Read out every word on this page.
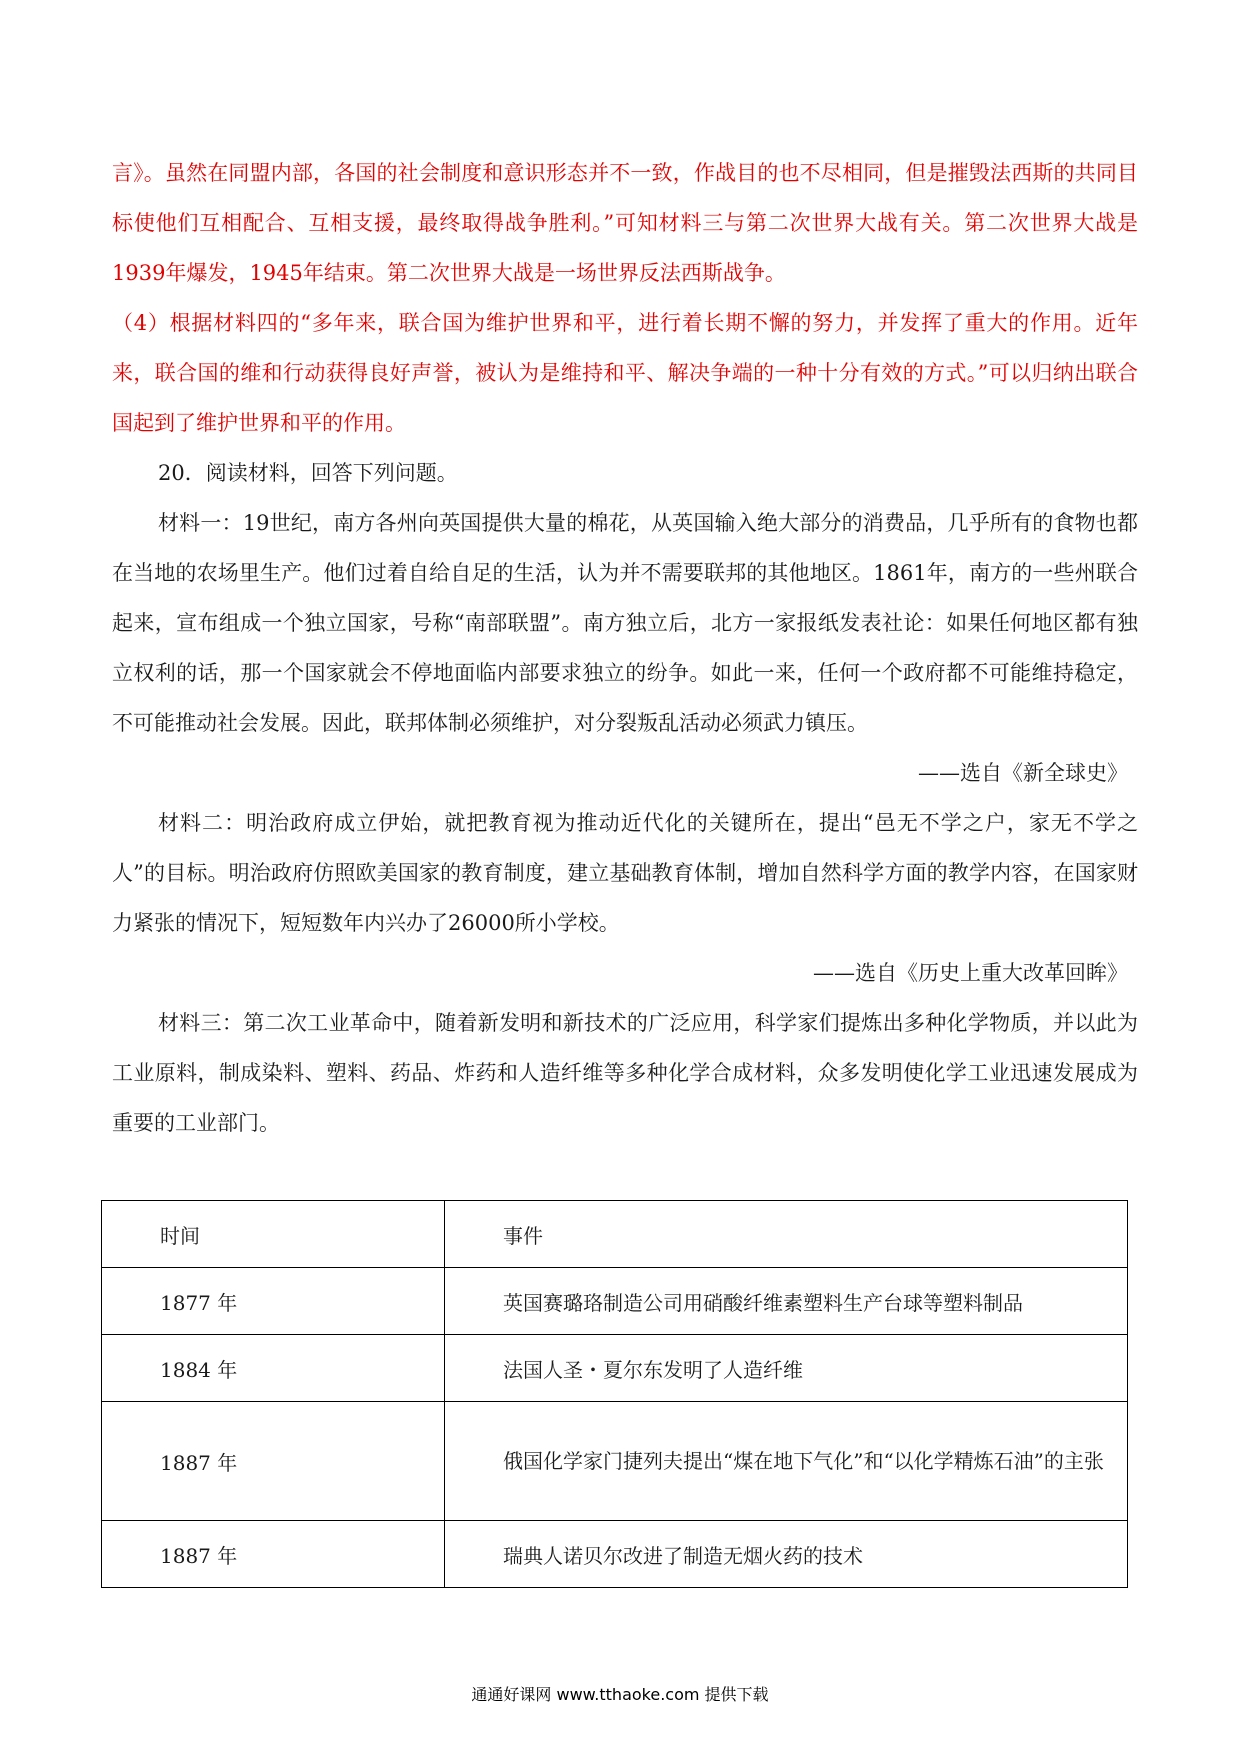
言》。虽然在同盟内部，各国的社会制度和意识形态并不一致，作战目的也不尽相同，但是摧毁法西斯的共同目标使他们互相配合、互相支援，最终取得战争胜利。”可知材料三与第二次世界大战有关。第二次世界大战是1939年爆发，1945年结束。第二次世界大战是一场世界反法西斯战争。

（4）根据材料四的“多年来，联合国为维护世界和平，进行着长期不懈的努力，并发挥了重大的作用。近年来，联合国的维和行动获得良好声誉，被认为是维持和平、解决争端的一种十分有效的方式。”可以归纳出联合国起到了维护世界和平的作用。

20．阅读材料，回答下列问题。

材料一：19世纪，南方各州向英国提供大量的棉花，从英国输入绝大部分的消费品，几乎所有的食物也都在当地的农场里生产。他们过着自给自足的生活，认为并不需要联邦的其他地区。1861年，南方的一些州联合起来，宣布组成一个独立国家，号称“南部联盟”。南方独立后，北方一家报纸发表社论：如果任何地区都有独立权利的话，那一个国家就会不停地面临内部要求独立的纷争。如此一来，任何一个政府都不可能维持稳定，不可能推动社会发展。因此，联邦体制必须维护，对分裂叛乱活动必须武力镇压。

——选自《新全球史》

材料二：明治政府成立伊始，就把教育视为推动近代化的关键所在，提出“邑无不学之户，家无不学之人”的目标。明治政府仿照欧美国家的教育制度，建立基础教育体制，增加自然科学方面的教学内容，在国家财力紧张的情况下，短短数年内兴办了26000所小学校。

——选自《历史上重大改革回眸》

材料三：第二次工业革命中，随着新发明和新技术的广泛应用，科学家们提炼出多种化学物质，并以此为工业原料，制成染料、塑料、药品、炸药和人造纤维等多种化学合成材料，众多发明使化学工业迅速发展成为重要的工业部门。

时间	事件
1877 年	英国赛璐珞制造公司用硝酸纤维素塑料生产台球等塑料制品
1884 年	法国人圣・夏尔东发明了人造纤维
1887 年	俄国化学家门捷列夫提出“煤在地下气化”和“以化学精炼石油”的主张
1887 年	瑞典人诺贝尔改进了制造无烟火药的技术
通通好课网 www.tthaoke.com 提供下载
